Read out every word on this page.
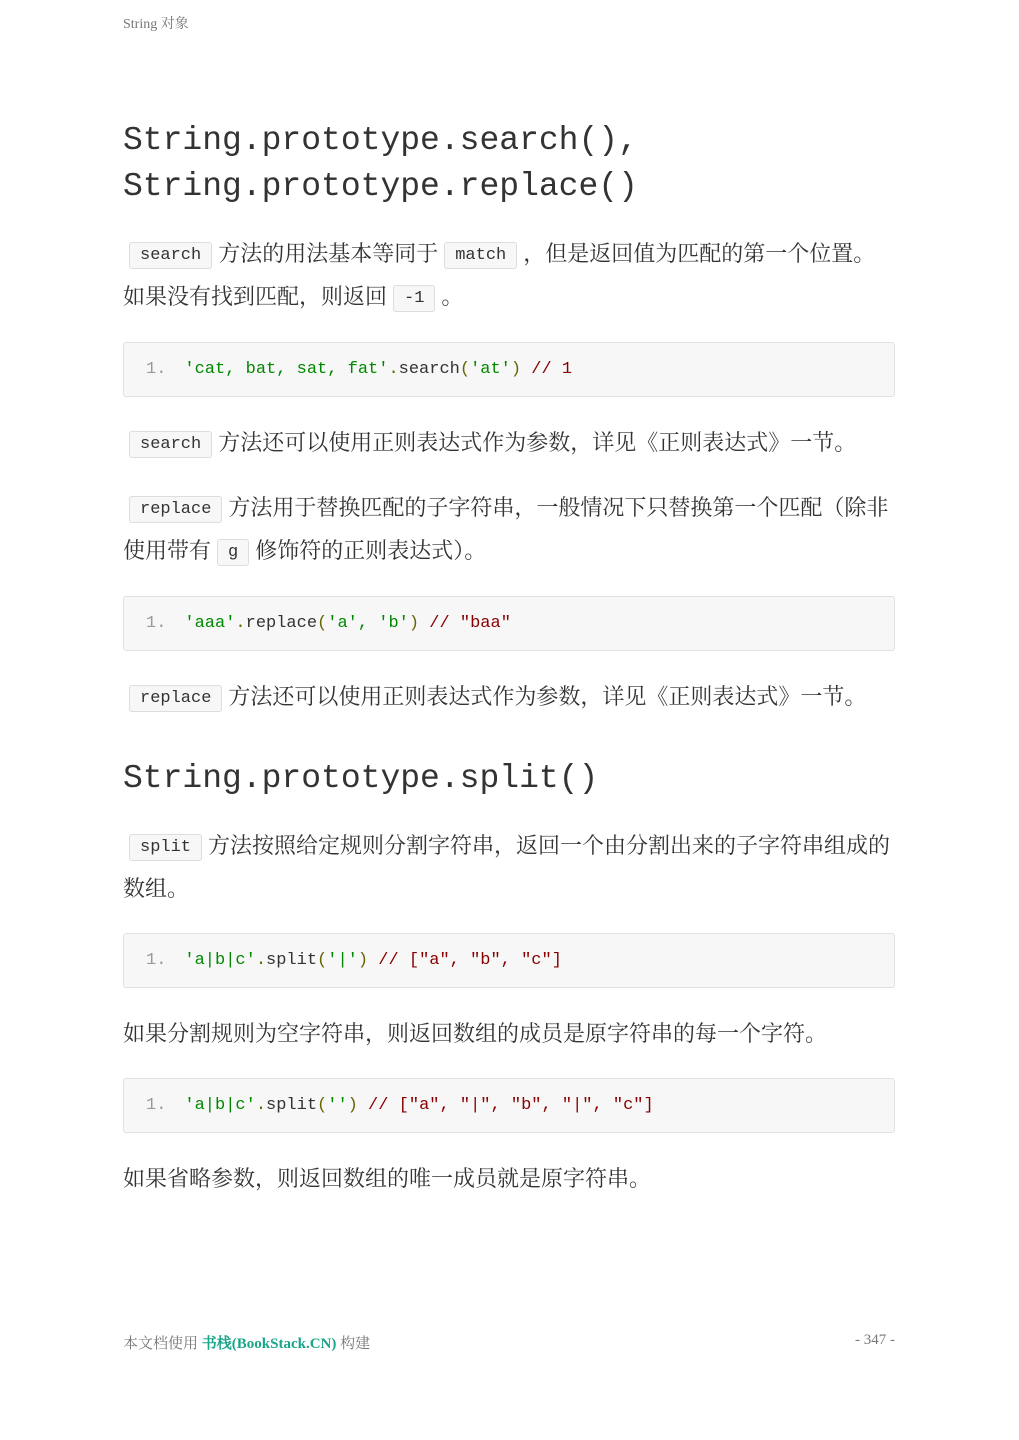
String 对象
String.prototype.search(),
String.prototype.replace()
search 方法的用法基本等同于 match ，但是返回值为匹配的第一个位置。如果没有找到匹配，则返回 -1 。
1. 'cat, bat, sat, fat' . search ( 'at' ) // 1
search 方法还可以使用正则表达式作为参数，详见《正则表达式》一节。
replace 方法用于替换匹配的子字符串，一般情况下只替换第一个匹配（除非使用带有 g 修饰符的正则表达式）。
1. 'aaa' . replace ( 'a', 'b' ) // "baa"
replace 方法还可以使用正则表达式作为参数，详见《正则表达式》一节。
String.prototype.split()
split 方法按照给定规则分割字符串，返回一个由分割出来的子字符串组成的数组。
1. 'a|b|c' . split ( '|' ) // ["a", "b", "c"]
如果分割规则为空字符串，则返回数组的成员是原字符串的每一个字符。
1. 'a|b|c' . split ( '' ) // ["a", "|", "b", "|", "c"]
如果省略参数，则返回数组的唯一成员就是原字符串。
本文档使用 书栈(BookStack.CN) 构建	- 347 -
